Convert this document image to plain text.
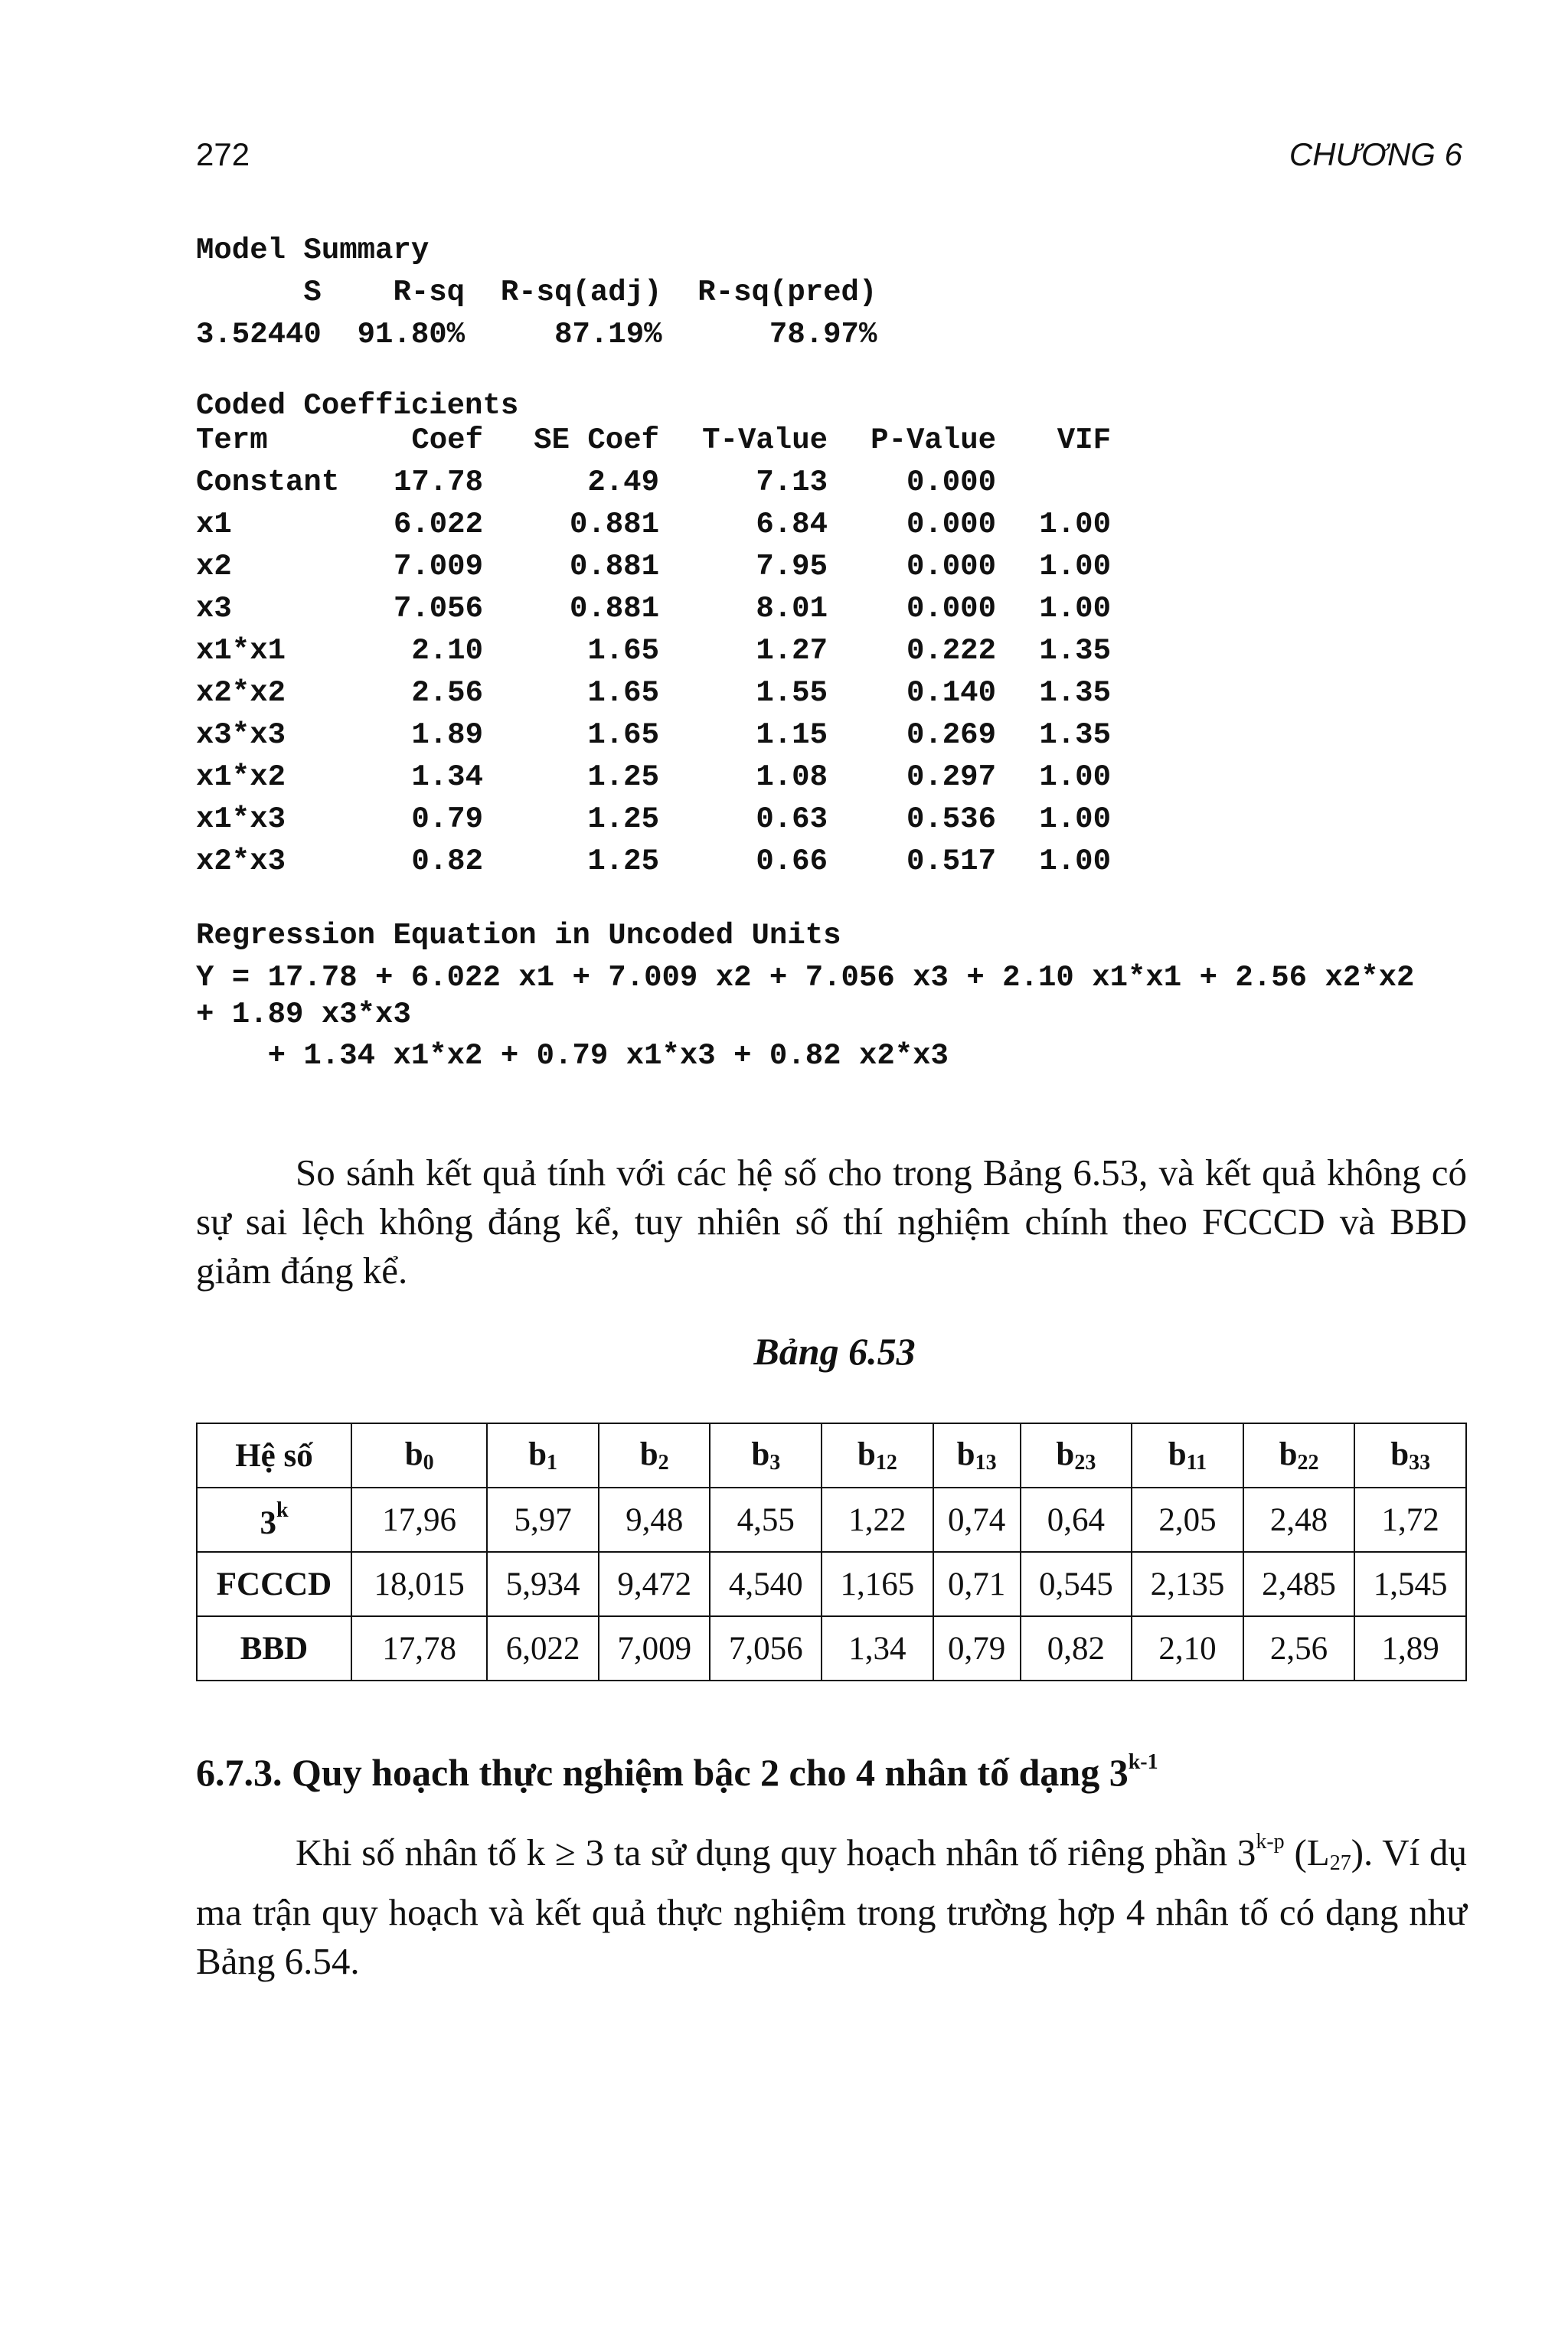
272	CHƯƠNG 6
Model Summary
S    R-sq  R-sq(adj)  R-sq(pred)
3.52440  91.80%     87.19%      78.97%
Coded Coefficients
Term	Coef	SE Coef	T-Value	P-Value	VIF
Constant	17.78	2.49	7.13	0.000	
x1	6.022	0.881	6.84	0.000	1.00
x2	7.009	0.881	7.95	0.000	1.00
x3	7.056	0.881	8.01	0.000	1.00
x1*x1	2.10	1.65	1.27	0.222	1.35
x2*x2	2.56	1.65	1.55	0.140	1.35
x3*x3	1.89	1.65	1.15	0.269	1.35
x1*x2	1.34	1.25	1.08	0.297	1.00
x1*x3	0.79	1.25	0.63	0.536	1.00
x2*x3	0.82	1.25	0.66	0.517	1.00
Regression Equation in Uncoded Units
Y = 17.78 + 6.022 x1 + 7.009 x2 + 7.056 x3 + 2.10 x1*x1 + 2.56 x2*x2
+ 1.89 x3*x3
+ 1.34 x1*x2 + 0.79 x1*x3 + 0.82 x2*x3

So sánh kết quả tính với các hệ số cho trong Bảng 6.53, và kết quả không có sự sai lệch không đáng kể, tuy nhiên số thí nghiệm chính theo FCCCD và BBD giảm đáng kể.

Bảng 6.53
Hệ số	$b_0$	$b_1$	$b_2$	$b_3$	$b_{12}$	$b_{13}$	$b_{23}$	$b_{11}$	$b_{22}$	$b_{33}$
3$^k$	17,96	5,97	9,48	4,55	1,22	0,74	0,64	2,05	2,48	1,72
FCCCD	18,015	5,934	9,472	4,540	1,165	0,71	0,545	2,135	2,485	1,545
BBD	17,78	6,022	7,009	7,056	1,34	0,79	0,82	2,10	2,56	1,89
6.7.3. Quy hoạch thực nghiệm bậc 2 cho 4 nhân tố dạng 3$^{k-1}$

Khi số nhân tố k ≥ 3 ta sử dụng quy hoạch nhân tố riêng phần 3$^{k-p}$ $(L_{27})$. Ví dụ ma trận quy hoạch và kết quả thực nghiệm trong trường hợp 4 nhân tố có dạng như Bảng 6.54.
